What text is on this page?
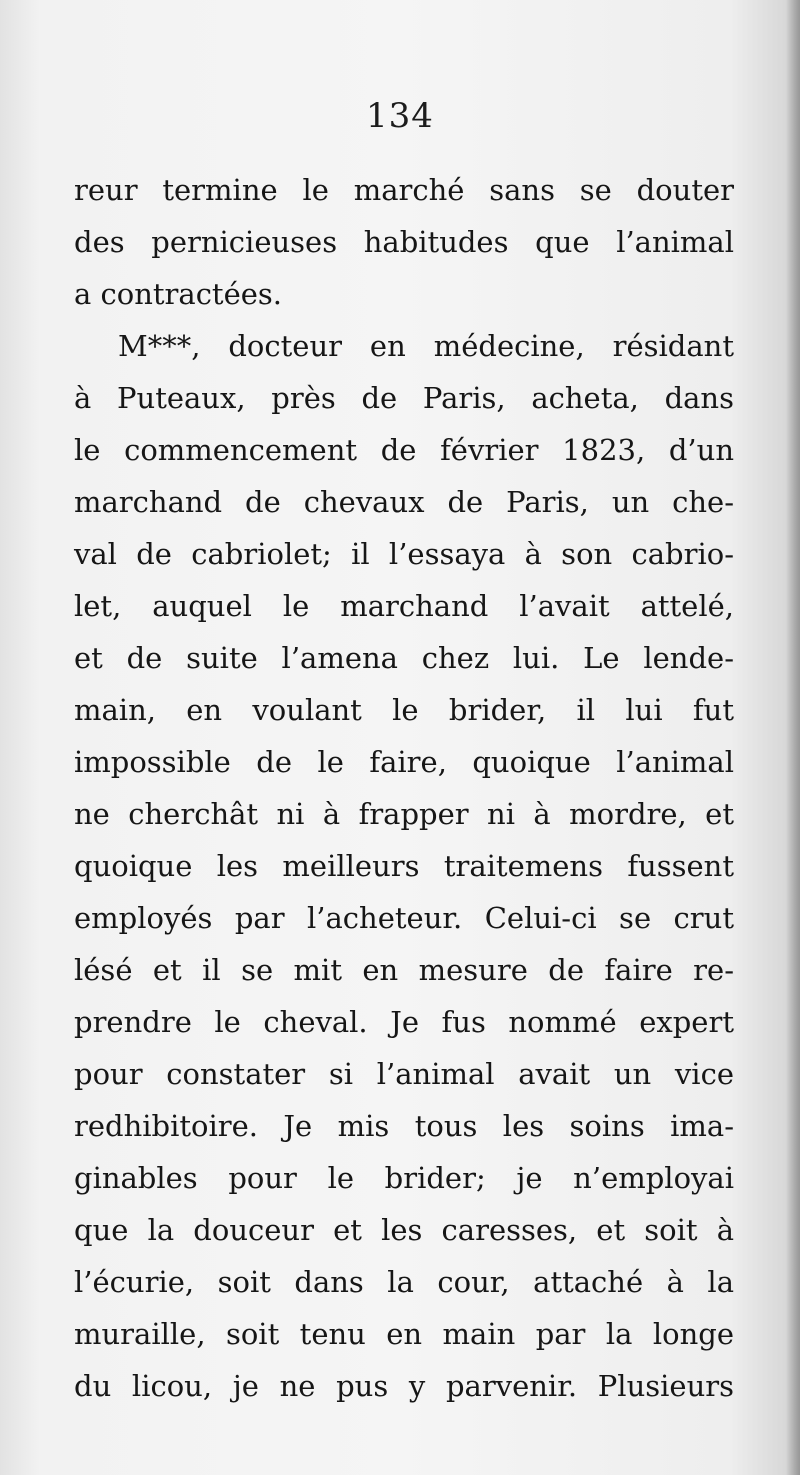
134
reur termine le marché sans se douter
des pernicieuses habitudes que l’animal
a contractées.
M***, docteur en médecine, résidant
à Puteaux, près de Paris, acheta, dans
le commencement de février 1823, d’un
marchand de chevaux de Paris, un che-
val de cabriolet; il l’essaya à son cabrio-
let, auquel le marchand l’avait attelé,
et de suite l’amena chez lui. Le lende-
main, en voulant le brider, il lui fut
impossible de le faire, quoique l’animal
ne cherchât ni à frapper ni à mordre, et
quoique les meilleurs traitemens fussent
employés par l’acheteur. Celui-ci se crut
lésé et il se mit en mesure de faire re-
prendre le cheval. Je fus nommé expert
pour constater si l’animal avait un vice
redhibitoire. Je mis tous les soins ima-
ginables pour le brider; je n’employai
que la douceur et les caresses, et soit à
l’écurie, soit dans la cour, attaché à la
muraille, soit tenu en main par la longe
du licou, je ne pus y parvenir. Plusieurs
